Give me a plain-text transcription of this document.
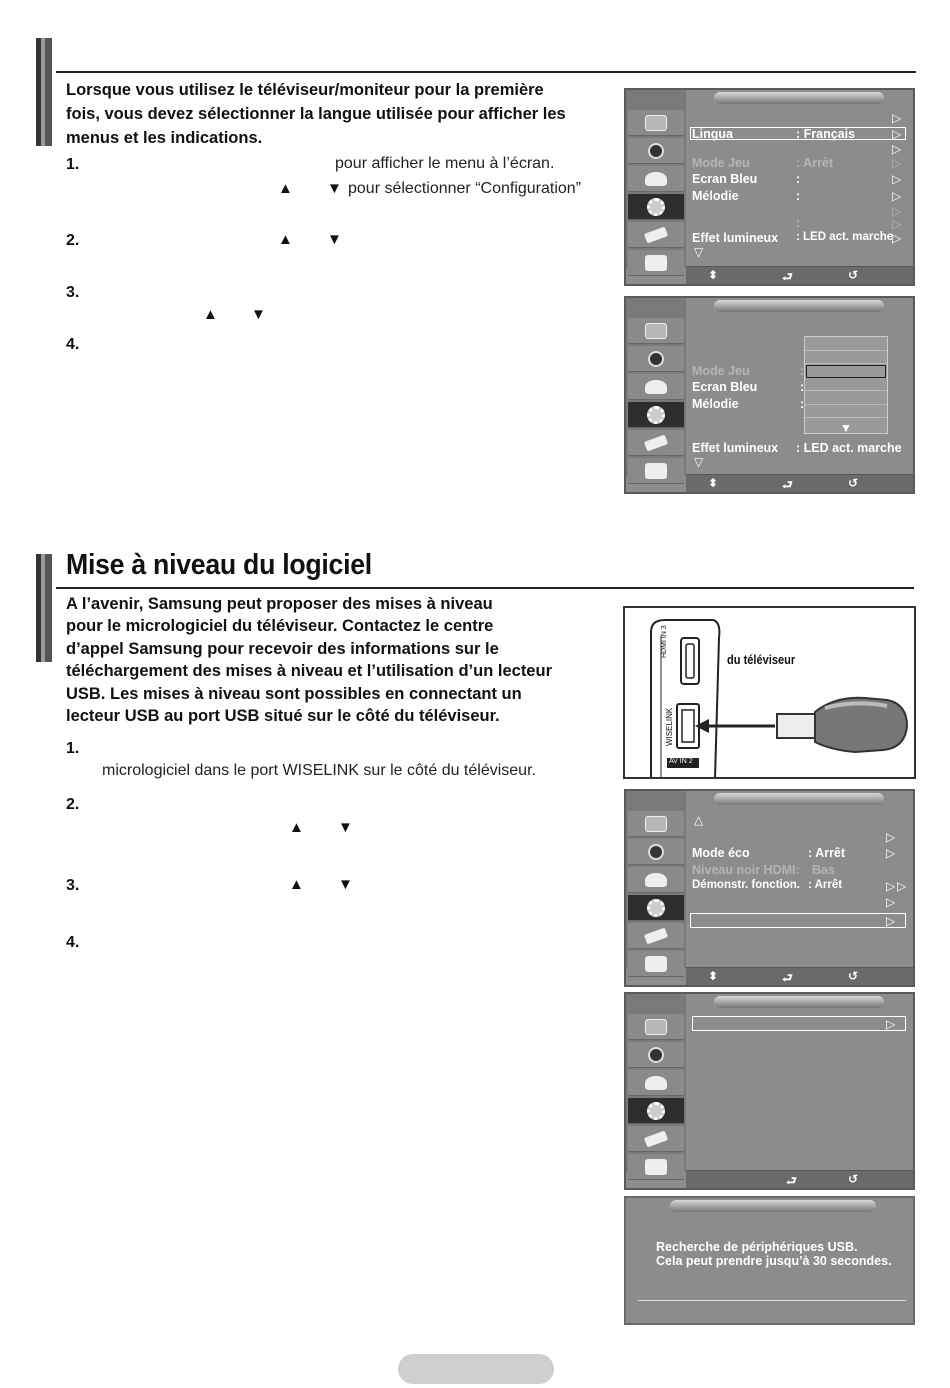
Lorsque vous utilisez le téléviseur/moniteur pour la première
fois, vous devez sélectionner la langue utilisée pour afficher les
menus et les indications.
1.	pour afficher le menu à l’écran.
▲ ▼ pour sélectionner “Configuration”
2.	▲ ▼
3.
▲ ▼
4.
▷
Lingua	: Français	▷
▷
Mode Jeu	: Arrêt	▷
Ecran Bleu	:	▷
Mélodie	:	▷
▷
▷
:
Effet lumineux : LED act. marche
▷
▽
⬍	⮐	↺
Mode Jeu	:
Ecran Bleu	:
Mélodie	:
▼
Effet lumineux : LED act. marche
▽
⬍	⮐	↺
Mise à niveau du logiciel
A l’avenir, Samsung peut proposer des mises à niveau
pour le micrologiciel du téléviseur. Contactez le centre
d’appel Samsung pour recevoir des informations sur le
téléchargement des mises à niveau et l’utilisation d’un lecteur
USB. Les mises à niveau sont possibles en connectant un
lecteur USB au port USB situé sur le côté du téléviseur.
1.
micrologiciel dans le port WISELINK sur le côté du téléviseur.
2.
▲ ▼
3.	▲ ▼
4.
HDMI IN 3
WISELINK
AV IN 2
du téléviseur
△
▷
Mode éco	: Arrêt	▷
Niveau noir HDMI: Bas
Démonstr. fonction. : Arrêt	▷ ▷
▷
▷
⬍	⮐	↺
▷
⮐	↺
Recherche de périphériques USB.
Cela peut prendre jusqu’à 30 secondes.
